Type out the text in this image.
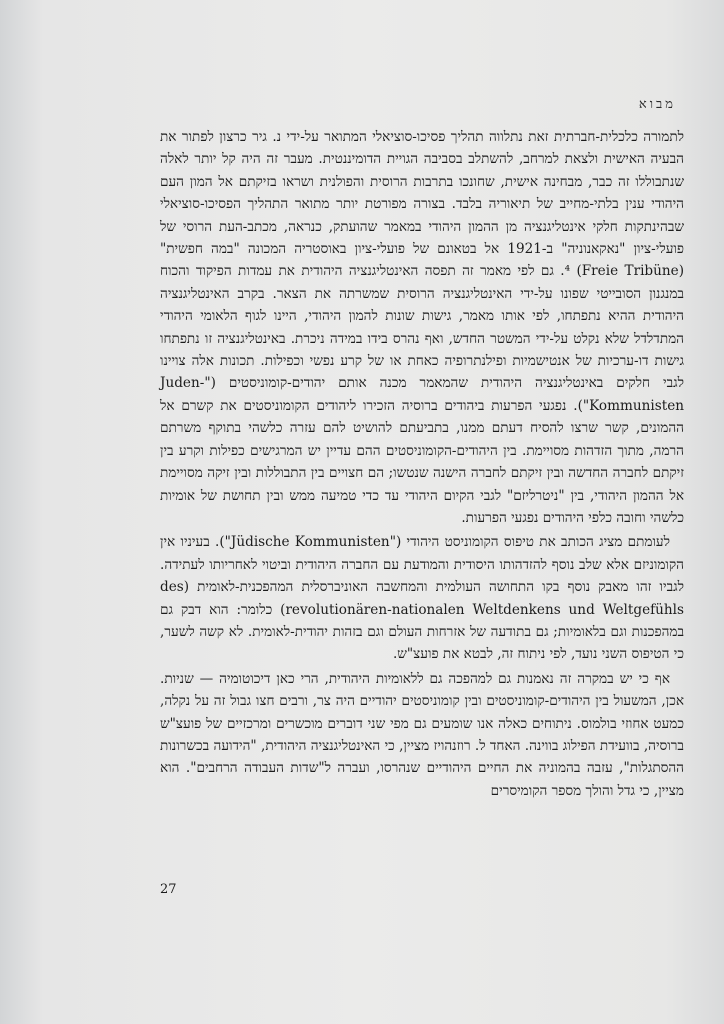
מבוא

לתמורה כלכלית-חברתית זאת נתלווה תהליך פסיכו-סוציאלי המתואר על-ידי נ. גיר כרצון לפתור את הבעיה האישית ולצאת למרחב, להשתלב בסביבה הגויית הדומיננטית. מעבר זה היה קל יותר לאלה שנתבוללו זה כבר, מבחינה אישית, שחונכו בתרבות הרוסית והפולנית ושראו בזיקתם אל המון העם היהודי ענין בלתי-מחייב של תיאוריה בלבד. בצורה מפורטת יותר מתואר התהליך הפסיכו-סוציאלי שבהינתקות חלקי אינטליגנציה מן ההמון היהודי במאמר שהועתק, כנראה, מכתב-העת הרוסי של פועלי-ציון "נאקאנוניה" ב-1921 אל בטאונם של פועלי-ציון באוסטריה המכונה "במה חפשית" (Freie Tribüne) ⁴. גם לפי מאמר זה תפסה האינטליגנציה היהודית את עמדות הפיקוד והכוח במנגנון הסובייטי שפונו על-ידי האינטליגנציה הרוסית שמשרתה את הצאר. בקרב האינטליגנציה היהודית ההיא נתפתחו, לפי אותו מאמר, גישות שונות להמון היהודי, היינו לגוף הלאומי היהודי המתדלדל שלא נקלט על-ידי המשטר החדש, ואף נהרס בידו במידה ניכרת. באינטליגנציה זו נתפתחו גישות דו-ערכיות של אנטישמיות ופילנתרופיה כאחת או של קרע נפשי וכפילות. תכונות אלה צויינו לגבי חלקים באינטליגנציה היהודית שהמאמר מכנה אותם יהודים-קומוניסטים ("Juden-Kommunisten"). נפגעי הפרעות ביהודים ברוסיה הזכירו ליהודים הקומוניסטים את קשרם אל ההמונים, קשר שרצו להסיח דעתם ממנו, בתביעתם להושיט להם עזרה כלשהי בתוקף משרתם הרמה, מתוך הזדהות מסויימת. בין היהודים-הקומוניסטים ההם עדיין יש המרגישים כפילות וקרע בין זיקתם לחברה החדשה ובין זיקתם לחברה הישנה שנטשו; הם חצויים בין התבוללות ובין זיקה מסויימת אל ההמון היהודי, בין "ניטרליזם" לגבי הקיום היהודי עד כדי טמיעה ממש ובין תחושת של אומיות כלשהי וחובה כלפי היהודים נפגעי הפרעות.

לעומתם מציג הכותב את טיפוס הקומוניסט היהודי ("Jüdische Kommunisten"). בעיניו אין הקומוניזם אלא שלב נוסף להזדהותו היסודית והמודעת עם החברה היהודית וביטוי לאחריותו לעתידה. לגביו זהו מאבק נוסף בקו התחושה העולמית והמחשבה האוניברסלית המהפכנית-לאומית (des revolutionären-nationalen Weltdenkens und Weltgefühls) כלומר: הוא דבק גם במהפכנות וגם בלאומיות; גם בתודעה של אזרחות העולם וגם בזהות יהודית-לאומית. לא קשה לשער, כי הטיפוס השני נועד, לפי ניתוח זה, לבטא את פועצ"ש.

אף כי יש במקרה זה נאמנות גם למהפכה גם ללאומיות היהודית, הרי כאן דיכוטומיה — שניות. אכן, המשעול בין היהודים-קומוניסטים ובין קומוניסטים יהודיים היה צר, ורבים חצו גבול זה על נקלה, כמעט אחוזי בולמוס. ניתוחים כאלה אנו שומעים גם מפי שני דוברים מוכשרים ומרכזיים של פועצ"ש ברוסיה, בוועידת הפילוג בווינה. האחד ל. רוזנהויז מציין, כי האינטליגנציה היהודית, "הידועה בכשרונות ההסתגלות", עזבה בהמוניה את החיים היהודיים שנהרסו, ועברה ל"שדות העבודה הרחבים". הוא מציין, כי גדל והולך מספר הקומיסרים

27
